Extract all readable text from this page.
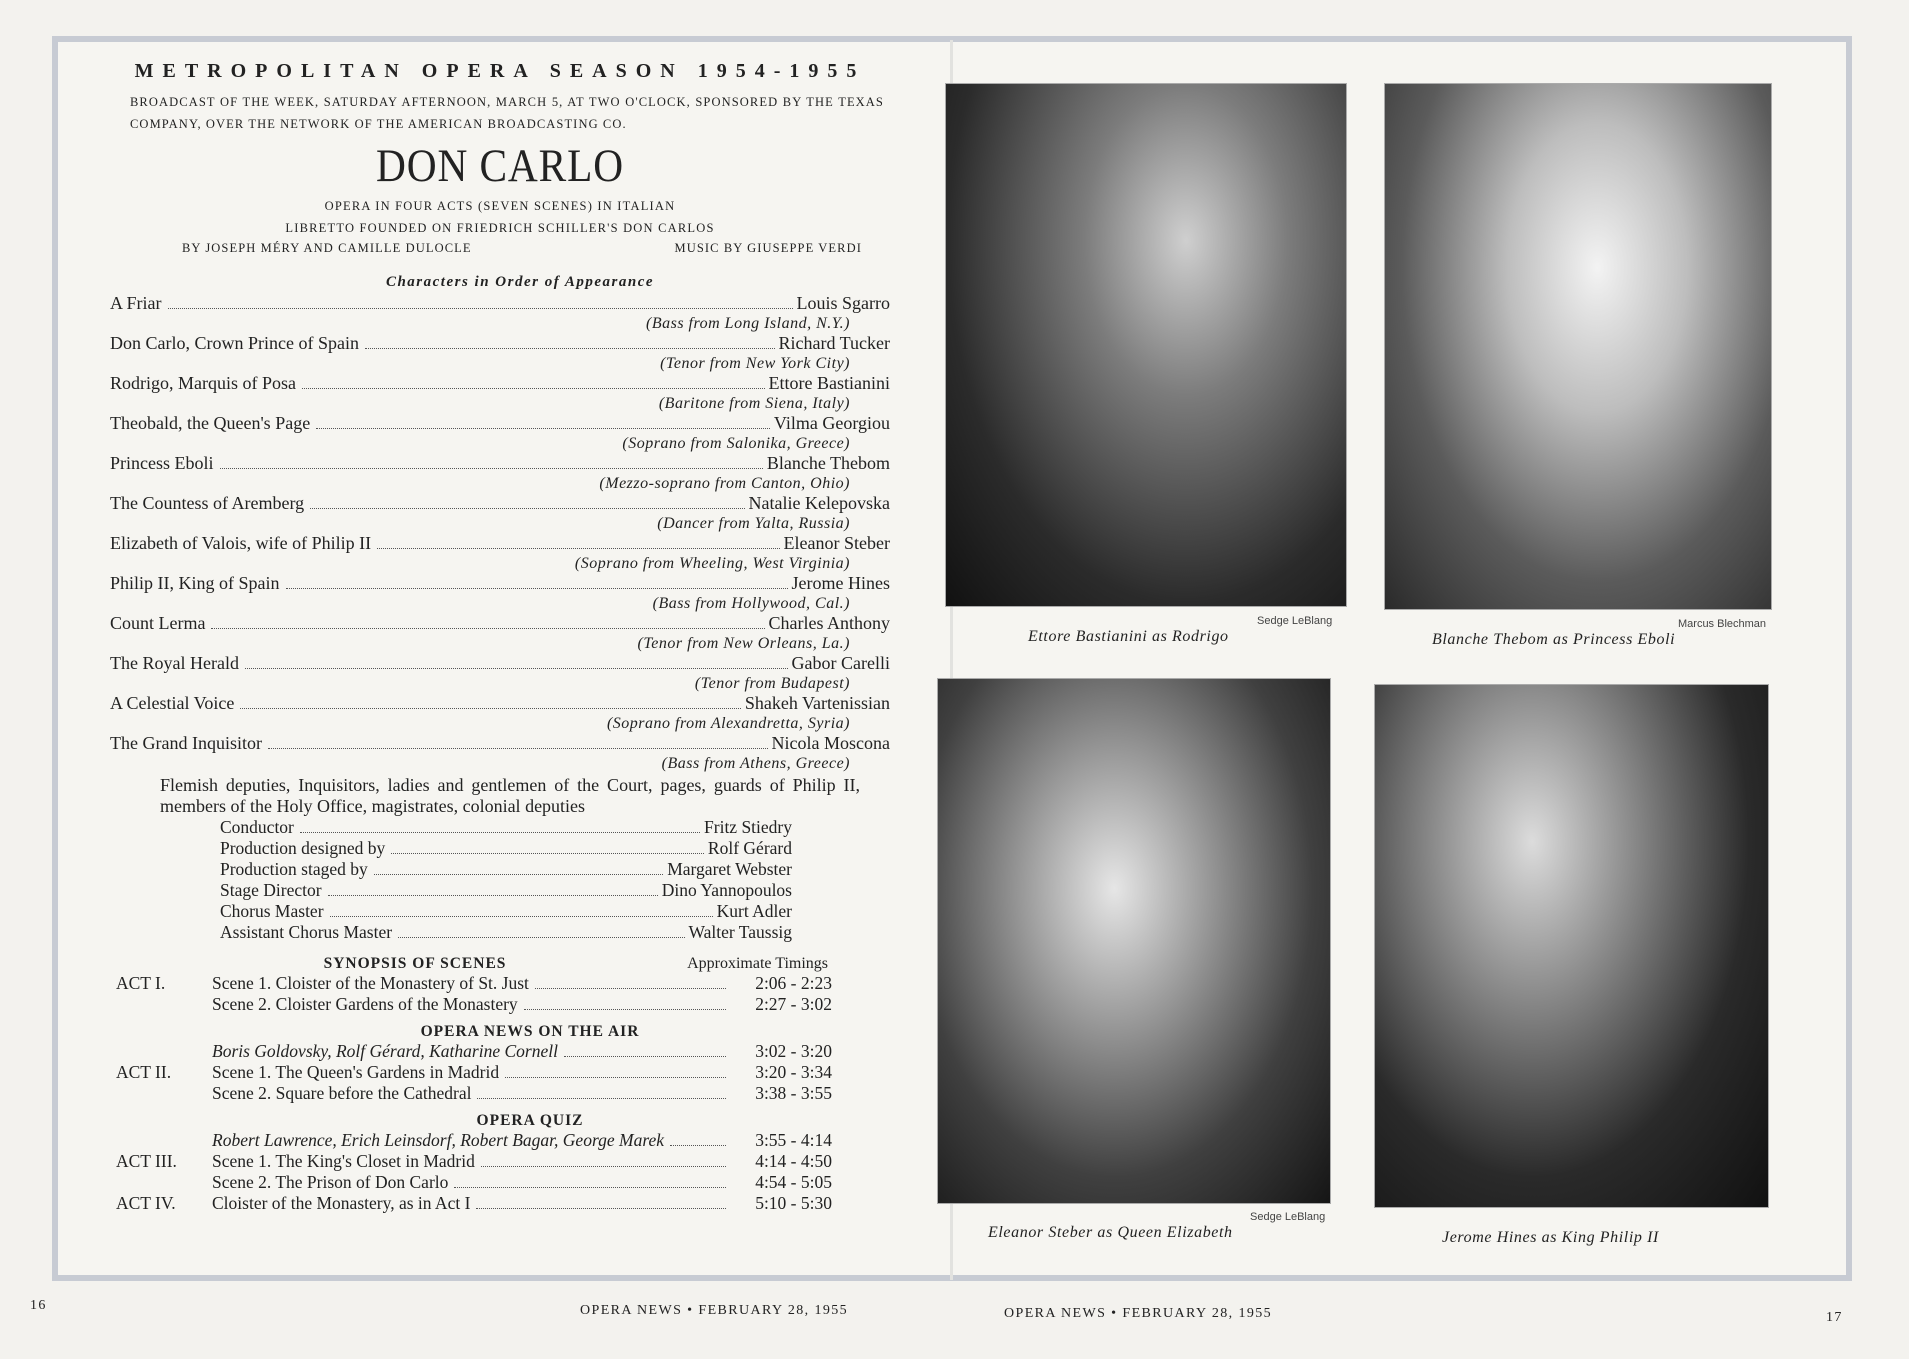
METROPOLITAN OPERA SEASON 1954-1955
BROADCAST OF THE WEEK, SATURDAY AFTERNOON, MARCH 5, AT TWO O'CLOCK, SPONSORED BY THE TEXAS COMPANY, OVER THE NETWORK OF THE AMERICAN BROADCASTING CO.
DON CARLO
OPERA IN FOUR ACTS (SEVEN SCENES) IN ITALIAN
LIBRETTO FOUNDED ON FRIEDRICH SCHILLER'S DON CARLOS
BY JOSEPH MÉRY AND CAMILLE DULOCLE	MUSIC BY GIUSEPPE VERDI
Characters in Order of Appearance
A Friar	Louis Sgarro
(Bass from Long Island, N.Y.)
Don Carlo, Crown Prince of Spain	Richard Tucker
(Tenor from New York City)
Rodrigo, Marquis of Posa	Ettore Bastianini
(Baritone from Siena, Italy)
Theobald, the Queen's Page	Vilma Georgiou
(Soprano from Salonika, Greece)
Princess Eboli	Blanche Thebom
(Mezzo-soprano from Canton, Ohio)
The Countess of Aremberg	Natalie Kelepovska
(Dancer from Yalta, Russia)
Elizabeth of Valois, wife of Philip II	Eleanor Steber
(Soprano from Wheeling, West Virginia)
Philip II, King of Spain	Jerome Hines
(Bass from Hollywood, Cal.)
Count Lerma	Charles Anthony
(Tenor from New Orleans, La.)
The Royal Herald	Gabor Carelli
(Tenor from Budapest)
A Celestial Voice	Shakeh Vartenissian
(Soprano from Alexandretta, Syria)
The Grand Inquisitor	Nicola Moscona
(Bass from Athens, Greece)
Flemish deputies, Inquisitors, ladies and gentlemen of the Court, pages, guards of Philip II, members of the Holy Office, magistrates, colonial deputies
Conductor	Fritz Stiedry
Production designed by	Rolf Gérard
Production staged by	Margaret Webster
Stage Director	Dino Yannopoulos
Chorus Master	Kurt Adler
Assistant Chorus Master	Walter Taussig
SYNOPSIS OF SCENES	Approximate Timings
ACT I.	Scene 1. Cloister of the Monastery of St. Just	2:06 - 2:23
Scene 2. Cloister Gardens of the Monastery	2:27 - 3:02
OPERA NEWS ON THE AIR
Boris Goldovsky, Rolf Gérard, Katharine Cornell	3:02 - 3:20
ACT II.	Scene 1. The Queen's Gardens in Madrid	3:20 - 3:34
Scene 2. Square before the Cathedral	3:38 - 3:55
OPERA QUIZ
Robert Lawrence, Erich Leinsdorf, Robert Bagar, George Marek	3:55 - 4:14
ACT III.	Scene 1. The King's Closet in Madrid	4:14 - 4:50
Scene 2. The Prison of Don Carlo	4:54 - 5:05
ACT IV.	Cloister of the Monastery, as in Act I	5:10 - 5:30
Sedge LeBlang
Ettore Bastianini as Rodrigo
Marcus Blechman
Blanche Thebom as Princess Eboli
Sedge LeBlang
Eleanor Steber as Queen Elizabeth	Jerome Hines as King Philip II
16	OPERA NEWS • FEBRUARY 28, 1955	OPERA NEWS • FEBRUARY 28, 1955	17
